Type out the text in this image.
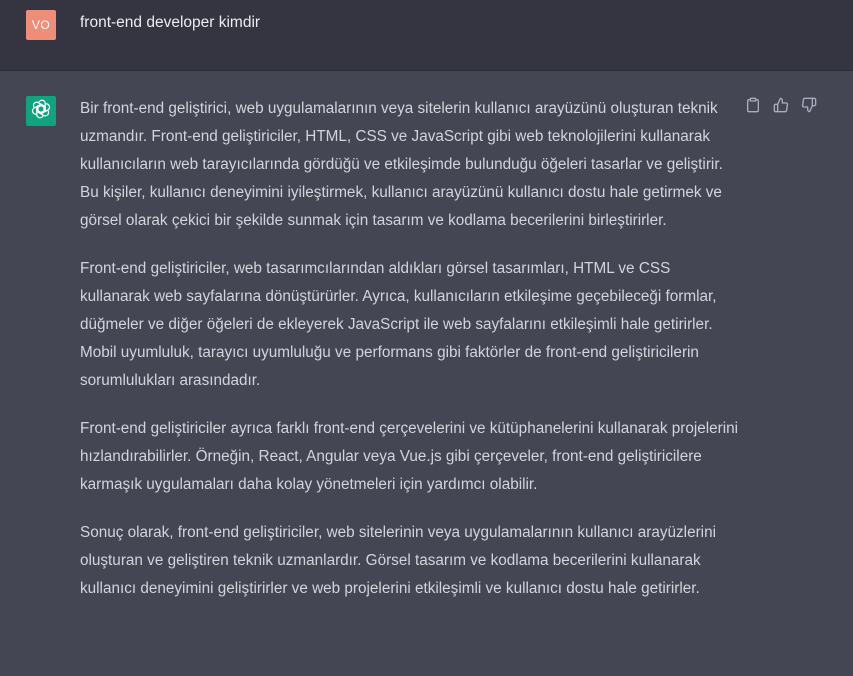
VO	front-end developer kimdir

Bir front-end geliştirici, web uygulamalarının veya sitelerin kullanıcı arayüzünü oluşturan teknik uzmandır. Front-end geliştiriciler, HTML, CSS ve JavaScript gibi web teknolojilerini kullanarak kullanıcıların web tarayıcılarında gördüğü ve etkileşimde bulunduğu öğeleri tasarlar ve geliştirir. Bu kişiler, kullanıcı deneyimini iyileştirmek, kullanıcı arayüzünü kullanıcı dostu hale getirmek ve görsel olarak çekici bir şekilde sunmak için tasarım ve kodlama becerilerini birleştirirler.

Front-end geliştiriciler, web tasarımcılarından aldıkları görsel tasarımları, HTML ve CSS kullanarak web sayfalarına dönüştürürler. Ayrıca, kullanıcıların etkileşime geçebileceği formlar, düğmeler ve diğer öğeleri de ekleyerek JavaScript ile web sayfalarını etkileşimli hale getirirler. Mobil uyumluluk, tarayıcı uyumluluğu ve performans gibi faktörler de front-end geliştiricilerin sorumlulukları arasındadır.

Front-end geliştiriciler ayrıca farklı front-end çerçevelerini ve kütüphanelerini kullanarak projelerini hızlandırabilirler. Örneğin, React, Angular veya Vue.js gibi çerçeveler, front-end geliştiricilere karmaşık uygulamaları daha kolay yönetmeleri için yardımcı olabilir.

Sonuç olarak, front-end geliştiriciler, web sitelerinin veya uygulamalarının kullanıcı arayüzlerini oluşturan ve geliştiren teknik uzmanlardır. Görsel tasarım ve kodlama becerilerini kullanarak kullanıcı deneyimini geliştirirler ve web projelerini etkileşimli ve kullanıcı dostu hale getirirler.
